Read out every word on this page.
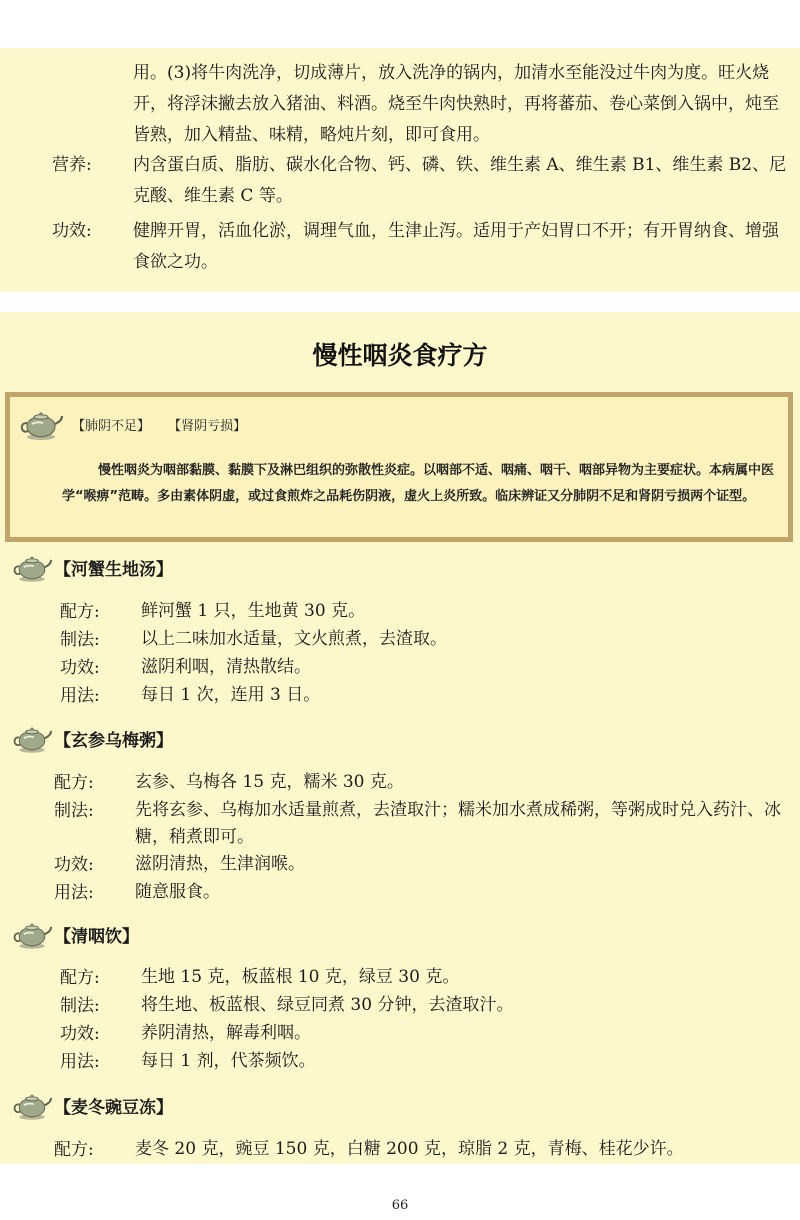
用。(3)将牛肉洗净，切成薄片，放入洗净的锅内，加清水至能没过牛肉为度。旺火烧开，将浮沫撇去放入猪油、料酒。烧至牛肉快熟时，再将蕃茄、卷心菜倒入锅中，炖至皆熟，加入精盐、味精，略炖片刻，即可食用。
营养: 内含蛋白质、脂肪、碳水化合物、钙、磷、铁、维生素 A、维生素 B1、维生素 B2、尼克酸、维生素 C 等。
功效: 健脾开胃，活血化淤，调理气血，生津止泻。适用于产妇胃口不开；有开胃纳食、增强食欲之功。
慢性咽炎食疗方
【肺阴不足】 【肾阴亏损】
慢性咽炎为咽部黏膜、黏膜下及淋巴组织的弥散性炎症。以咽部不适、咽痛、咽干、咽部异物为主要症状。本病属中医学“喉痹”范畴。多由素体阴虚，或过食煎炸之品耗伤阴液，虚火上炎所致。临床辨证又分肺阴不足和肾阴亏损两个证型。
【河蟹生地汤】
配方: 鲜河蟹 1 只，生地黄 30 克。
制法: 以上二味加水适量，文火煎煮，去渣取。
功效: 滋阴利咽，清热散结。
用法: 每日 1 次，连用 3 日。
【玄参乌梅粥】
配方: 玄参、乌梅各 15 克，糯米 30 克。
制法: 先将玄参、乌梅加水适量煎煮，去渣取汁；糯米加水煮成稀粥，等粥成时兑入药汁、冰糖，稍煮即可。
功效: 滋阴清热，生津润喉。
用法: 随意服食。
【清咽饮】
配方: 生地 15 克，板蓝根 10 克，绿豆 30 克。
制法: 将生地、板蓝根、绿豆同煮 30 分钟，去渣取汁。
功效: 养阴清热，解毒利咽。
用法: 每日 1 剂，代茶频饮。
【麦冬豌豆冻】
配方: 麦冬 20 克，豌豆 150 克，白糖 200 克，琼脂 2 克，青梅、桂花少许。
66
